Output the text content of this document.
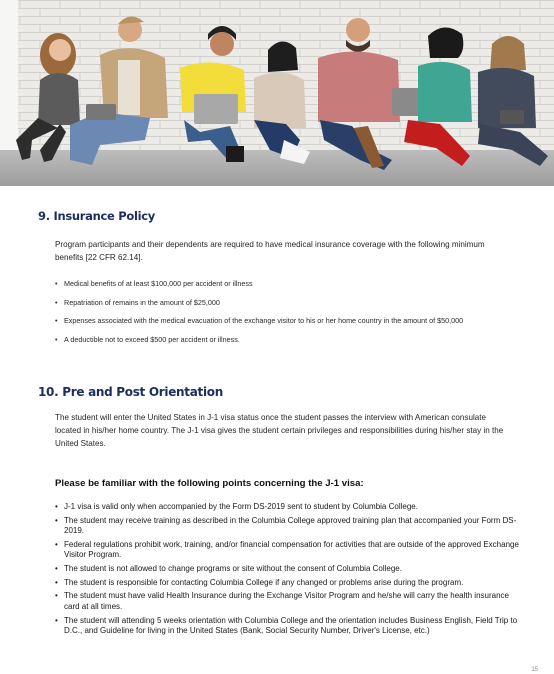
9. Insurance Policy

Program participants and their dependents are required to have medical insurance coverage with the following minimum benefits [22 CFR 62.14].

• Medical benefits of at least $100,000 per accident or illness
• Repatriation of remains in the amount of $25,000
• Expenses associated with the medical evacuation of the exchange visitor to his or her home country in the amount of $50,000
• A deductible not to exceed $500 per accident or illness.
10. Pre and Post Orientation

The student will enter the United States in J-1 visa status once the student passes the interview with American consulate located in his/her home country. The J-1 visa gives the student certain privileges and responsibilities during his/her stay in the United States.

Please be familiar with the following points concerning the J-1 visa:
• J-1 visa is valid only when accompanied by the Form DS-2019 sent to student by Columbia College.
• The student may receive training as described in the Columbia College approved training plan that accompanied your Form DS-2019.
• Federal regulations prohibit work, training, and/or financial compensation for activities that are outside of the approved Exchange Visitor Program.
• The student is not allowed to change programs or site without the consent of Columbia College.
• The student is responsible for contacting Columbia College if any changed or problems arise during the program.
• The student must have valid Health Insurance during the Exchange Visitor Program and he/she will carry the health insurance card at all times.
• The student will attending 5 weeks orientation with Columbia College and the orientation includes Business English, Field Trip to D.C., and Guideline for living in the United States (Bank, Social Security Number, Driver's License, etc.)
15
